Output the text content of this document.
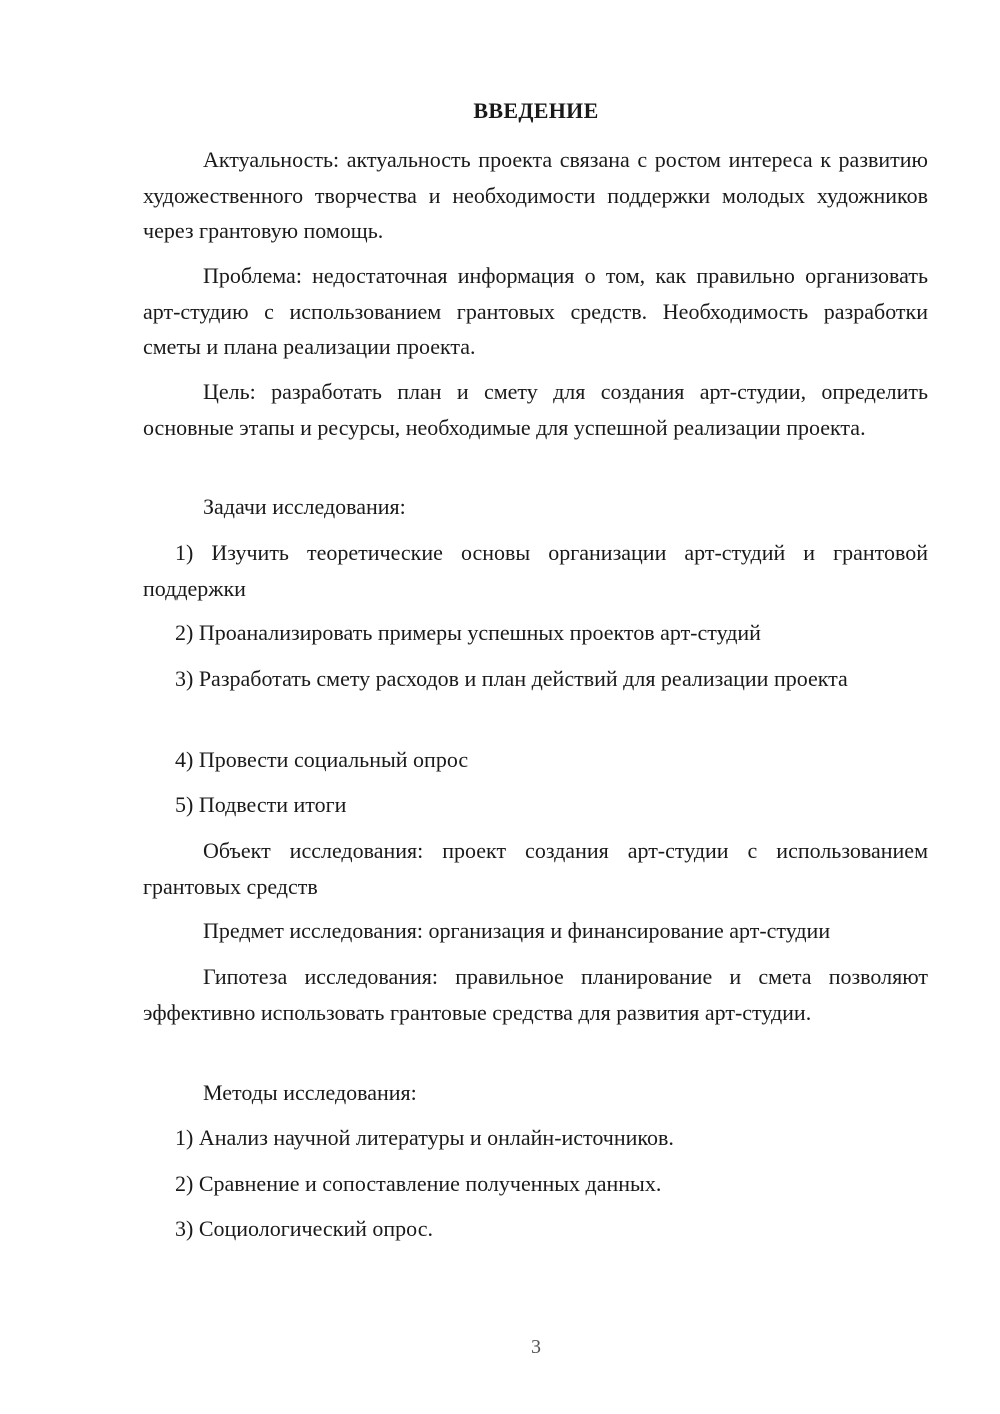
ВВЕДЕНИЕ

Актуальность: актуальность проекта связана с ростом интереса к развитию художественного творчества и необходимости поддержки молодых художников через грантовую помощь.

Проблема: недостаточная информация о том, как правильно организовать арт-студию с использованием грантовых средств. Необходимость разработки сметы и плана реализации проекта.

Цель: разработать план и смету для создания арт-студии, определить основные этапы и ресурсы, необходимые для успешной реализации проекта.

Задачи исследования:

1) Изучить теоретические основы организации арт-студий и грантовой поддержки

2) Проанализировать примеры успешных проектов арт-студий

3) Разработать смету расходов и план действий для реализации проекта

4) Провести социальный опрос

5) Подвести итоги

Объект исследования: проект создания арт-студии с использованием грантовых средств

Предмет исследования: организация и финансирование арт-студии

Гипотеза исследования: правильное планирование и смета позволяют эффективно использовать грантовые средства для развития арт-студии.

Методы исследования:

1) Анализ научной литературы и онлайн-источников.

2) Сравнение и сопоставление полученных данных.

3) Социологический опрос.

3
